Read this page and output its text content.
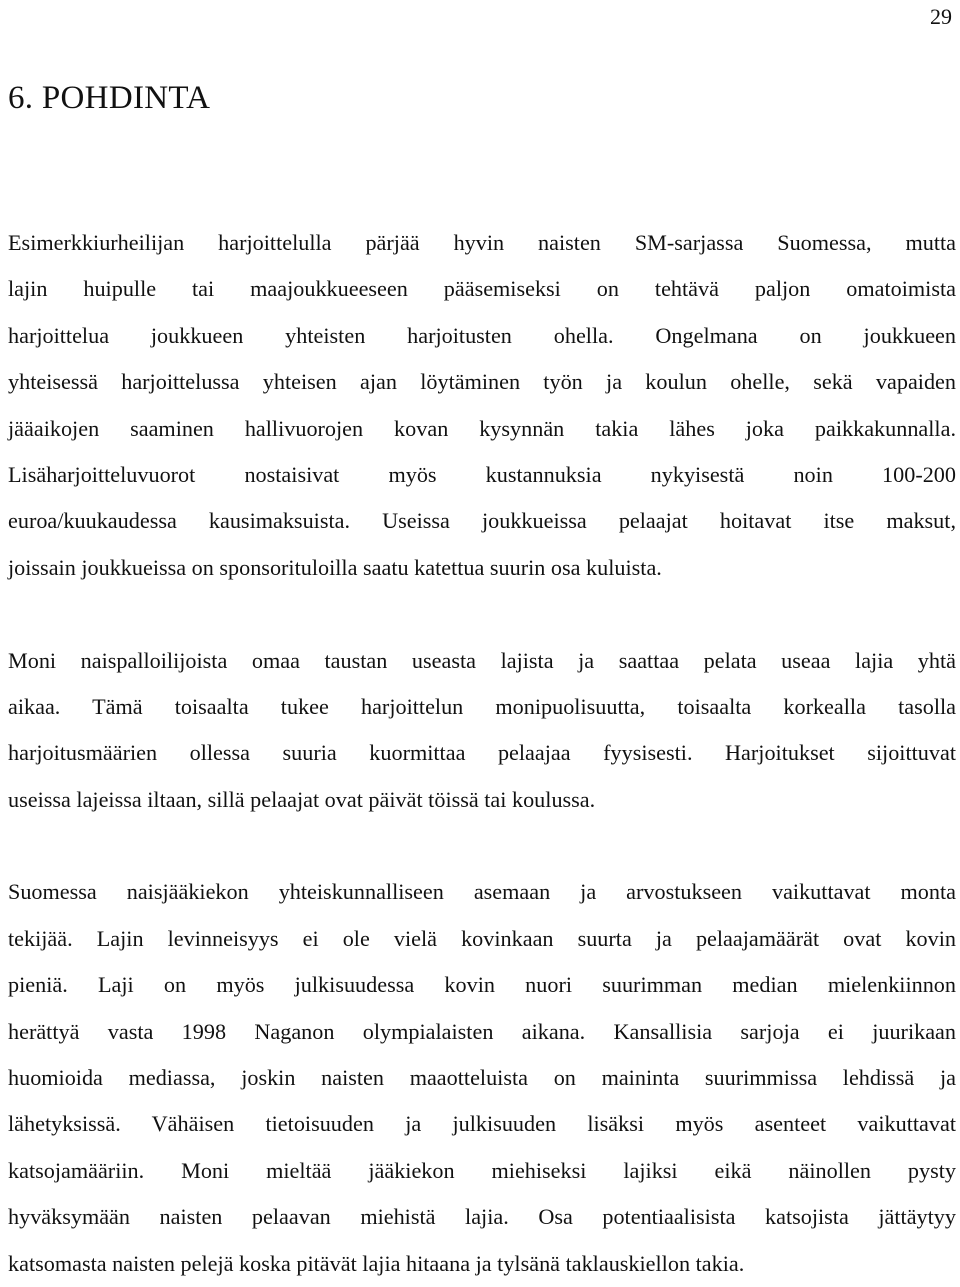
29
6. POHDINTA
Esimerkkiurheilijan harjoittelulla pärjää hyvin naisten SM-sarjassa Suomessa, mutta
lajin huipulle tai maajoukkueeseen pääsemiseksi on tehtävä paljon omatoimista
harjoittelua joukkueen yhteisten harjoitusten ohella. Ongelmana on joukkueen
yhteisessä harjoittelussa yhteisen ajan löytäminen työn ja koulun ohelle, sekä vapaiden
jääaikojen saaminen hallivuorojen kovan kysynnän takia lähes joka paikkakunnalla.
Lisäharjoitteluvuorot nostaisivat myös kustannuksia nykyisestä noin 100-200
euroa/kuukaudessa kausimaksuista. Useissa joukkueissa pelaajat hoitavat itse maksut,
joissain joukkueissa on sponsorituloilla saatu katettua suurin osa kuluista.
Moni naispalloilijoista omaa taustan useasta lajista ja saattaa pelata useaa lajia yhtä
aikaa. Tämä toisaalta tukee harjoittelun monipuolisuutta, toisaalta korkealla tasolla
harjoitusmäärien ollessa suuria kuormittaa pelaajaa fyysisesti. Harjoitukset sijoittuvat
useissa lajeissa iltaan, sillä pelaajat ovat päivät töissä tai koulussa.
Suomessa naisjääkiekon yhteiskunnalliseen asemaan ja arvostukseen vaikuttavat monta
tekijää. Lajin levinneisyys ei ole vielä kovinkaan suurta ja pelaajamäärät ovat kovin
pieniä. Laji on myös julkisuudessa kovin nuori suurimman median mielenkiinnon
herättyä vasta 1998 Naganon olympialaisten aikana. Kansallisia sarjoja ei juurikaan
huomioida mediassa, joskin naisten maaotteluista on maininta suurimmissa lehdissä ja
lähetyksissä. Vähäisen tietoisuuden ja julkisuuden lisäksi myös asenteet vaikuttavat
katsojamääriin. Moni mieltää jääkiekon miehiseksi lajiksi eikä näinollen pysty
hyväksymään naisten pelaavan miehistä lajia. Osa potentiaalisista katsojista jättäytyy
katsomasta naisten pelejä koska pitävät lajia hitaana ja tylsänä taklauskiellon takia.
